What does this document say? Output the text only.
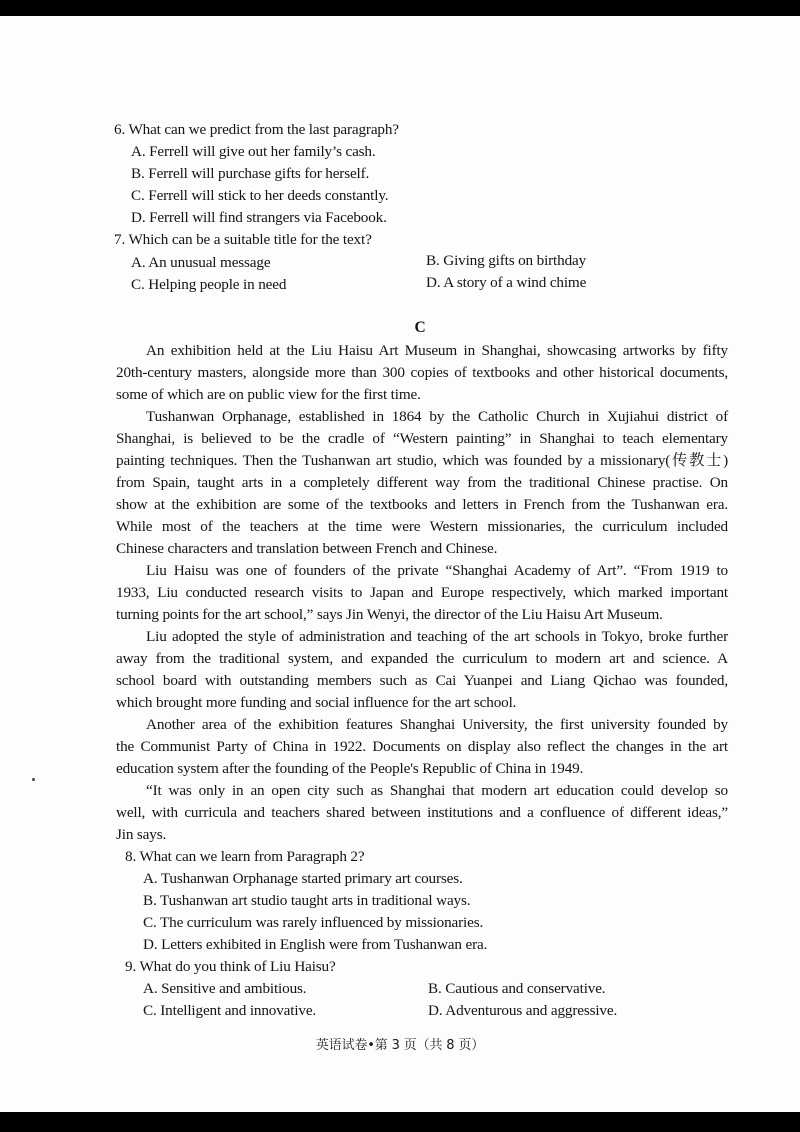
6. What can we predict from the last paragraph?
A. Ferrell will give out her family’s cash.
B. Ferrell will purchase gifts for herself.
C. Ferrell will stick to her deeds constantly.
D. Ferrell will find strangers via Facebook.
7. Which can be a suitable title for the text?
A. An unusual message	B. Giving gifts on birthday
C. Helping people in need	D. A story of a wind chime
C
An exhibition held at the Liu Haisu Art Museum in Shanghai, showcasing artworks by fifty
20th-century masters, alongside more than 300 copies of textbooks and other historical documents,
some of which are on public view for the first time.
Tushanwan Orphanage, established in 1864 by the Catholic Church in Xujiahui district of
Shanghai, is believed to be the cradle of “Western painting” in Shanghai to teach elementary
painting techniques. Then the Tushanwan art studio, which was founded by a missionary(传教士)
from Spain, taught arts in a completely different way from the traditional Chinese practise. On
show at the exhibition are some of the textbooks and letters in French from the Tushanwan era.
While most of the teachers at the time were Western missionaries, the curriculum included
Chinese characters and translation between French and Chinese.
Liu Haisu was one of founders of the private “Shanghai Academy of Art”. “From 1919 to
1933, Liu conducted research visits to Japan and Europe respectively, which marked important
turning points for the art school,” says Jin Wenyi, the director of the Liu Haisu Art Museum.
Liu adopted the style of administration and teaching of the art schools in Tokyo, broke further
away from the traditional system, and expanded the curriculum to modern art and science. A
school board with outstanding members such as Cai Yuanpei and Liang Qichao was founded,
which brought more funding and social influence for the art school.
Another area of the exhibition features Shanghai University, the first university founded by
the Communist Party of China in 1922. Documents on display also reflect the changes in the art
education system after the founding of the People's Republic of China in 1949.
“It was only in an open city such as Shanghai that modern art education could develop so
well, with curricula and teachers shared between institutions and a confluence of different ideas,”
Jin says.
8. What can we learn from Paragraph 2?
A. Tushanwan Orphanage started primary art courses.
B. Tushanwan art studio taught arts in traditional ways.
C. The curriculum was rarely influenced by missionaries.
D. Letters exhibited in English were from Tushanwan era.
9. What do you think of Liu Haisu?
A. Sensitive and ambitious.	B. Cautious and conservative.
C. Intelligent and innovative.	D. Adventurous and aggressive.
英语试卷•第 3 页（共 8 页）
